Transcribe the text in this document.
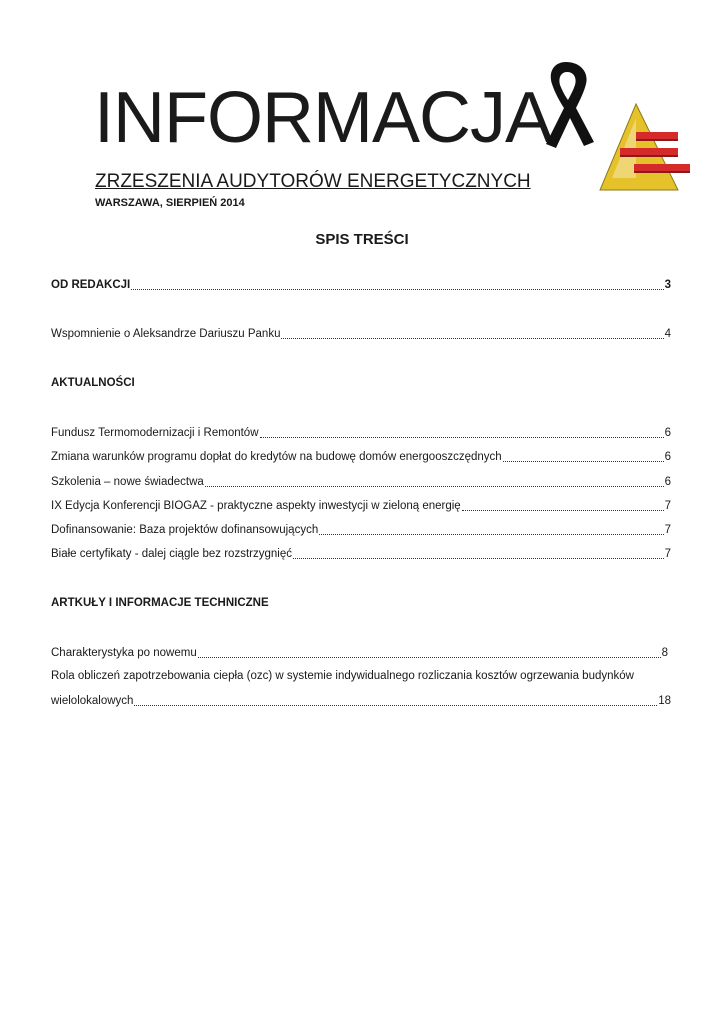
INFORMACJA
ZRZESZENIA AUDYTORÓW ENERGETYCZNYCH
WARSZAWA, SIERPIEŃ 2014
SPIS TREŚCI
OD REDAKCJI	3
Wspomnienie o Aleksandrze Dariuszu Panku	4
AKTUALNOŚCI
Fundusz Termomodernizacji i Remontów	6
Zmiana warunków programu dopłat do kredytów na budowę domów energooszczędnych	6
Szkolenia – nowe świadectwa	6
IX Edycja Konferencji BIOGAZ - praktyczne aspekty inwestycji w zieloną energię	7
Dofinansowanie: Baza projektów dofinansowujących	7
Białe certyfikaty - dalej ciągle bez rozstrzygnięć	7
ARTKUŁY I INFORMACJE TECHNICZNE
Charakterystyka po nowemu	8
Rola obliczeń zapotrzebowania ciepła (ozc) w systemie indywidualnego rozliczania kosztów ogrzewania budynków
wielolokalowych	18
